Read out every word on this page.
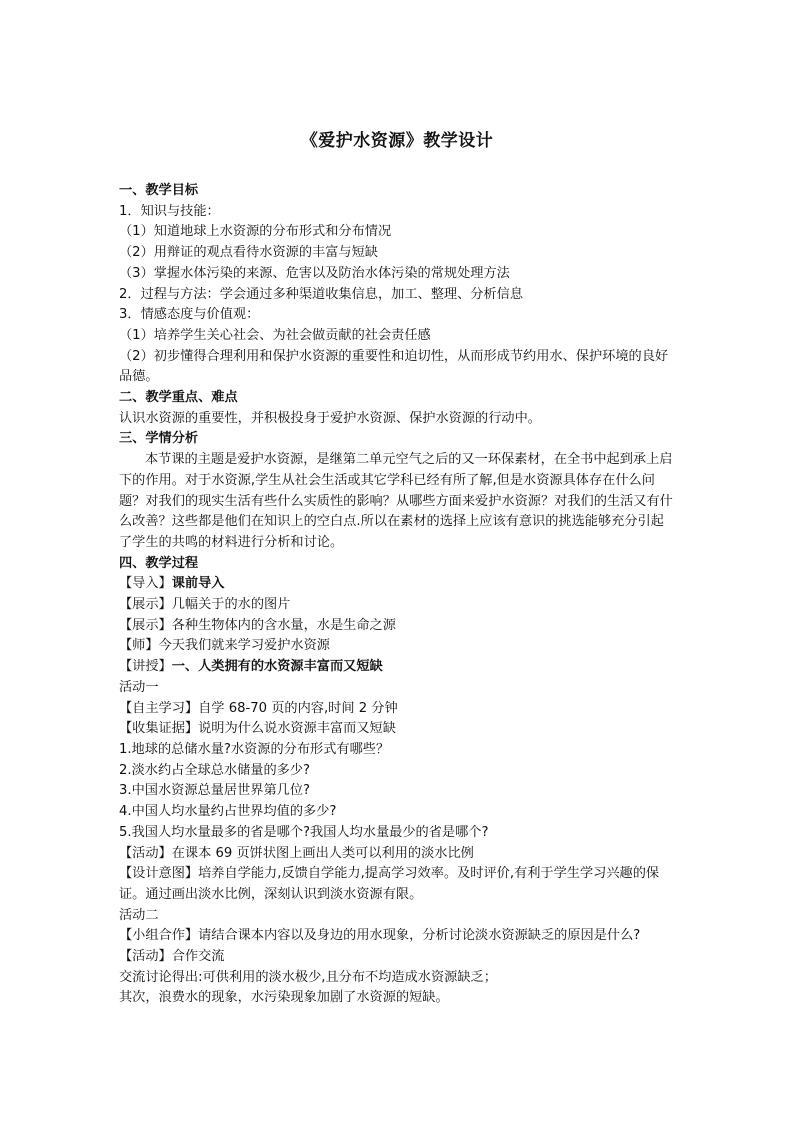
《爱护水资源》教学设计

一、教学目标

1．知识与技能：

（1）知道地球上水资源的分布形式和分布情况

（2）用辩证的观点看待水资源的丰富与短缺

（3）掌握水体污染的来源、危害以及防治水体污染的常规处理方法

2．过程与方法：学会通过多种渠道收集信息，加工、整理、分析信息

3．情感态度与价值观：

（1）培养学生关心社会、为社会做贡献的社会责任感

（2）初步懂得合理利用和保护水资源的重要性和迫切性，从而形成节约用水、保护环境的良好品德。

二、教学重点、难点

认识水资源的重要性，并积极投身于爱护水资源、保护水资源的行动中。

三、学情分析

本节课的主题是爱护水资源，是继第二单元空气之后的又一环保素材，在全书中起到承上启下的作用。对于水资源,学生从社会生活或其它学科已经有所了解,但是水资源具体存在什么问题？对我们的现实生活有些什么实质性的影响？从哪些方面来爱护水资源？对我们的生活又有什么改善？这些都是他们在知识上的空白点.所以在素材的选择上应该有意识的挑选能够充分引起了学生的共鸣的材料进行分析和讨论。

四、教学过程

【导入】课前导入

【展示】几幅关于的水的图片

【展示】各种生物体内的含水量，水是生命之源

【师】今天我们就来学习爱护水资源

【讲授】一、人类拥有的水资源丰富而又短缺

活动一

【自主学习】自学 68-70 页的内容,时间 2 分钟

【收集证据】说明为什么说水资源丰富而又短缺

1.地球的总储水量?水资源的分布形式有哪些？

2.淡水约占全球总水储量的多少?

3.中国水资源总量居世界第几位?

4.中国人均水量约占世界均值的多少?

5.我国人均水量最多的省是哪个?我国人均水量最少的省是哪个?

【活动】在课本 69 页饼状图上画出人类可以利用的淡水比例

【设计意图】培养自学能力,反馈自学能力,提高学习效率。及时评价,有利于学生学习兴趣的保证。通过画出淡水比例，深刻认识到淡水资源有限。

活动二

【小组合作】请结合课本内容以及身边的用水现象，分析讨论淡水资源缺乏的原因是什么?

【活动】合作交流

交流讨论得出:可供利用的淡水极少,且分布不均造成水资源缺乏；

其次，浪费水的现象，水污染现象加剧了水资源的短缺。
